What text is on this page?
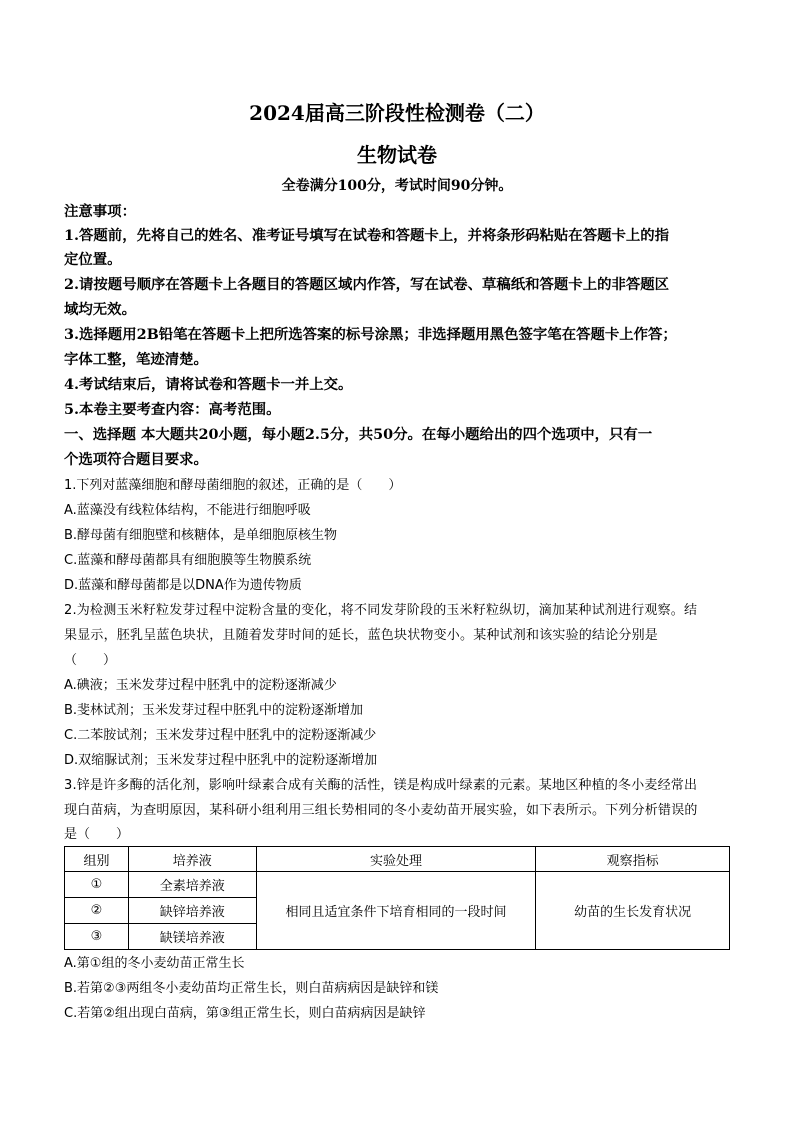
2024届高三阶段性检测卷（二）
生物试卷
全卷满分100分，考试时间90分钟。
注意事项：
1.答题前，先将自己的姓名、准考证号填写在试卷和答题卡上，并将条形码粘贴在答题卡上的指
定位置。
2.请按题号顺序在答题卡上各题目的答题区域内作答，写在试卷、草稿纸和答题卡上的非答题区
域均无效。
3.选择题用2B铅笔在答题卡上把所选答案的标号涂黑；非选择题用黑色签字笔在答题卡上作答；
字体工整，笔迹清楚。
4.考试结束后，请将试卷和答题卡一并上交。
5.本卷主要考查内容：高考范围。
一、选择题 本大题共20小题，每小题2.5分，共50分。在每小题给出的四个选项中，只有一
个选项符合题目要求。
1.下列对蓝藻细胞和酵母菌细胞的叙述，正确的是（　　）
A.蓝藻没有线粒体结构，不能进行细胞呼吸
B.酵母菌有细胞壁和核糖体，是单细胞原核生物
C.蓝藻和酵母菌都具有细胞膜等生物膜系统
D.蓝藻和酵母菌都是以DNA作为遗传物质
2.为检测玉米籽粒发芽过程中淀粉含量的变化，将不同发芽阶段的玉米籽粒纵切，滴加某种试剂进行观察。结
果显示，胚乳呈蓝色块状，且随着发芽时间的延长，蓝色块状物变小。某种试剂和该实验的结论分别是
（　　）
A.碘液；玉米发芽过程中胚乳中的淀粉逐渐减少
B.斐林试剂；玉米发芽过程中胚乳中的淀粉逐渐增加
C.二苯胺试剂；玉米发芽过程中胚乳中的淀粉逐渐减少
D.双缩脲试剂；玉米发芽过程中胚乳中的淀粉逐渐增加
3.锌是许多酶的活化剂，影响叶绿素合成有关酶的活性，镁是构成叶绿素的元素。某地区种植的冬小麦经常出
现白苗病，为查明原因，某科研小组利用三组长势相同的冬小麦幼苗开展实验，如下表所示。下列分析错误的
是（　　）
组别	培养液	实验处理	观察指标
①	全素培养液	相同且适宜条件下培育相同的一段时间	幼苗的生长发育状况
②	缺锌培养液		
③	缺镁培养液		
A.第①组的冬小麦幼苗正常生长
B.若第②③两组冬小麦幼苗均正常生长，则白苗病病因是缺锌和镁
C.若第②组出现白苗病，第③组正常生长，则白苗病病因是缺锌
